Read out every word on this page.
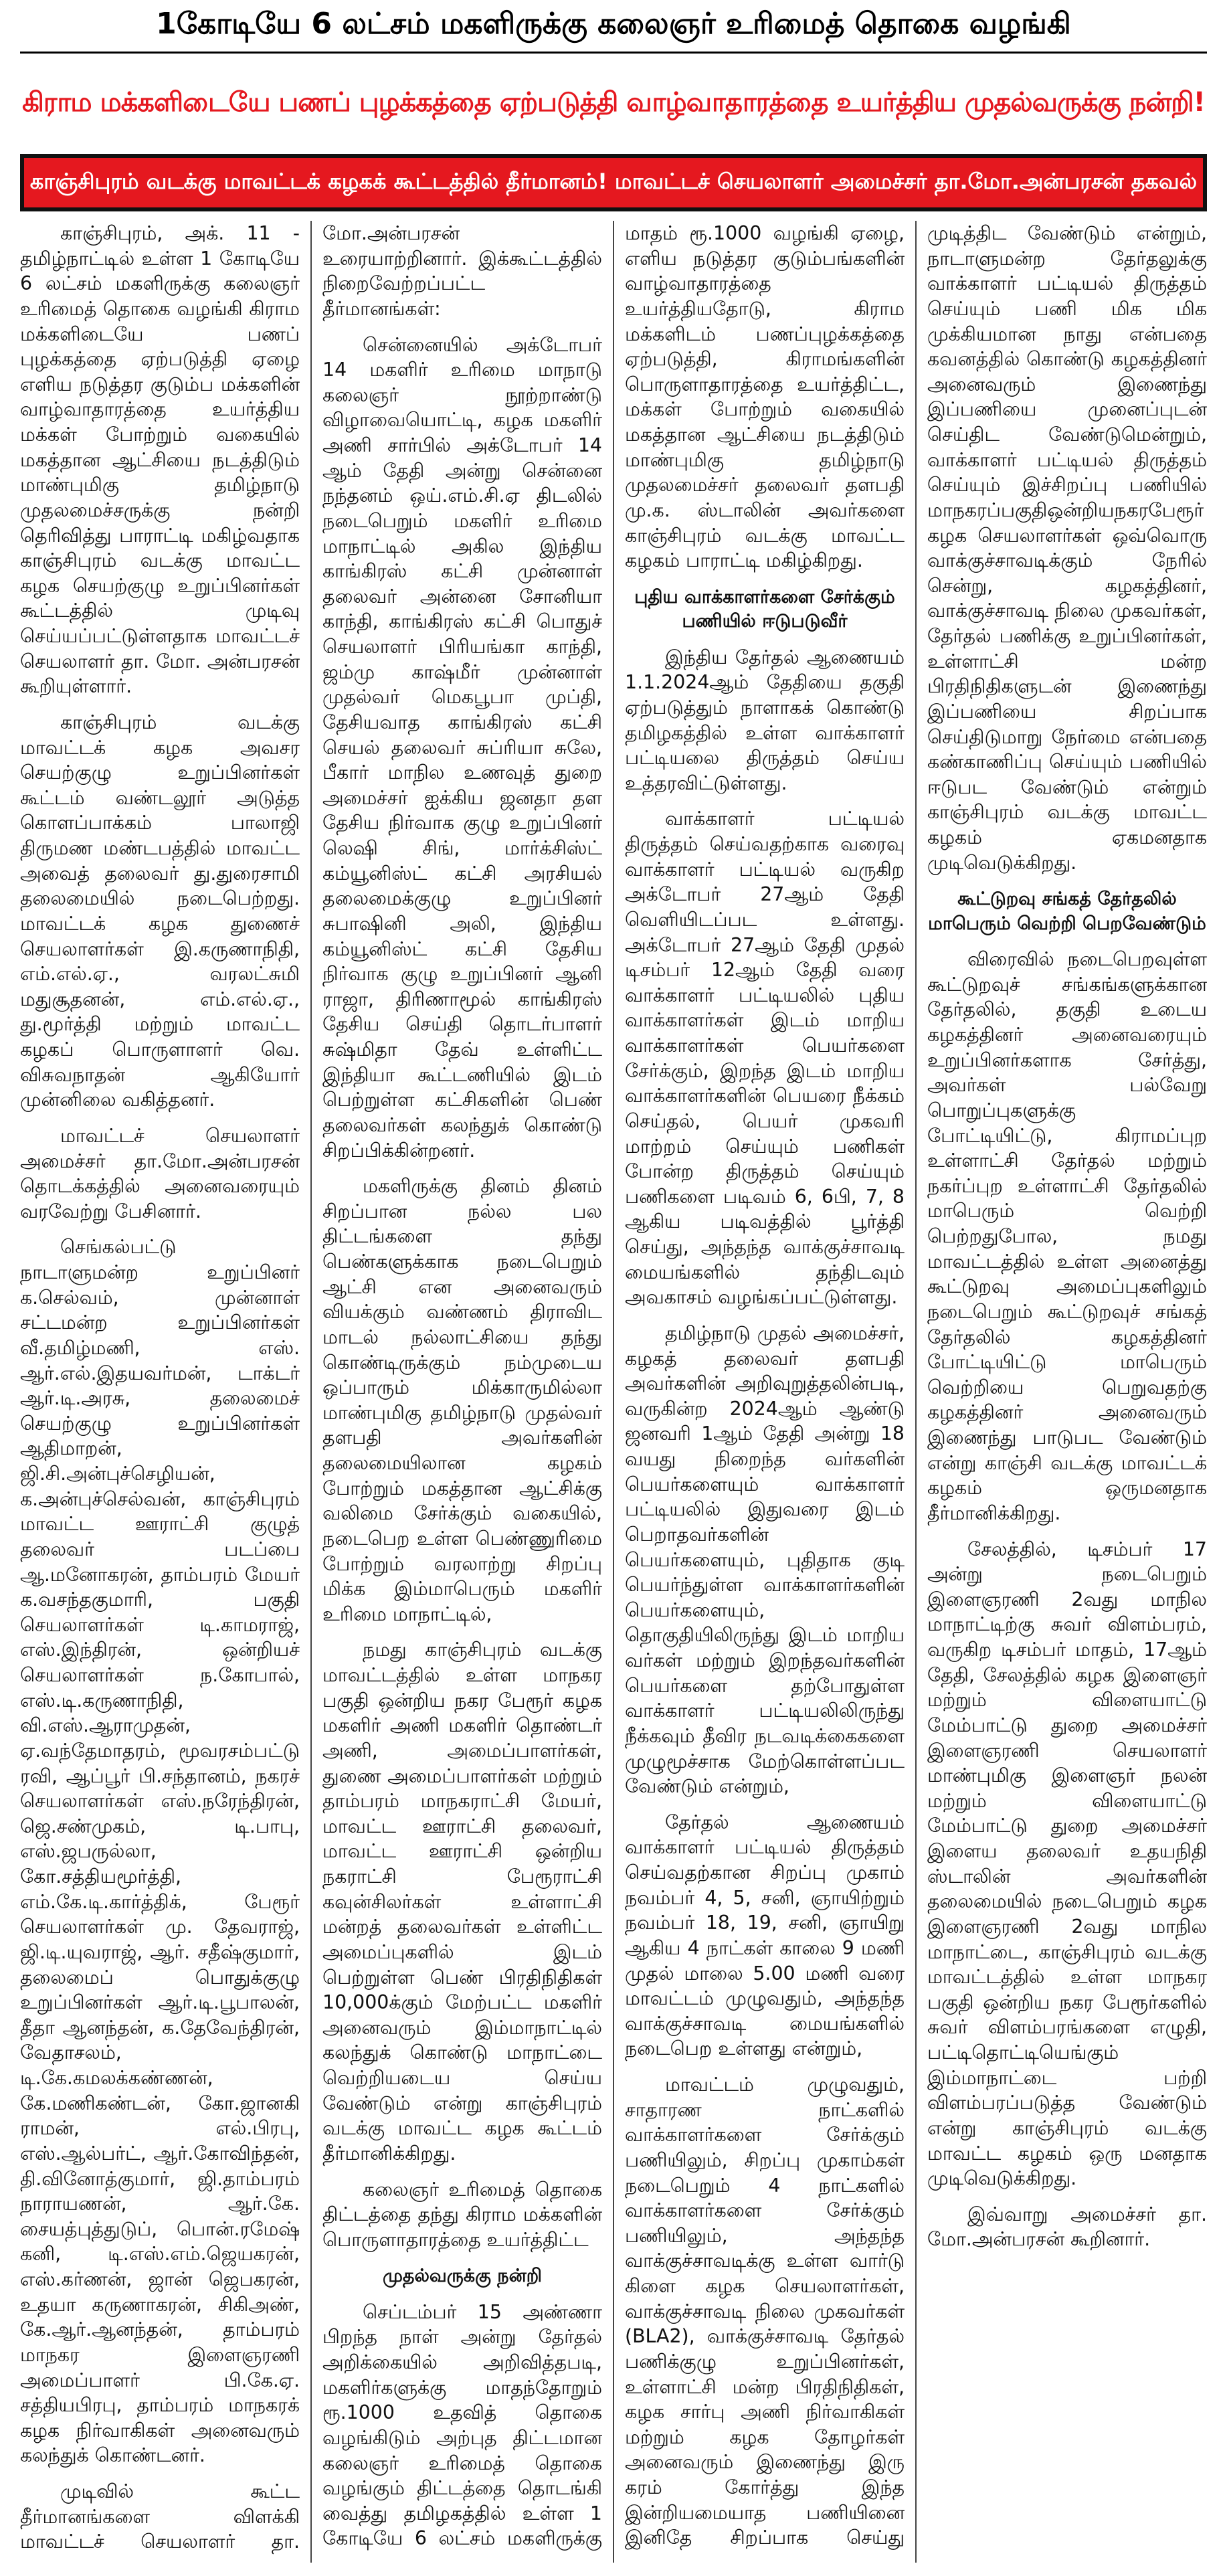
1கோடியே 6 லட்சம் மகளிருக்கு கலைஞர் உரிமைத் தொகை வழங்கி
கிராம மக்களிடையே பணப் புழக்கத்தை ஏற்படுத்தி வாழ்வாதாரத்தை உயர்த்திய முதல்வருக்கு நன்றி!
காஞ்சிபுரம் வடக்கு மாவட்டக் கழகக் கூட்டத்தில் தீர்மானம்! மாவட்டச் செயலாளர் அமைச்சர் தா.மோ.அன்பரசன் தகவல்

காஞ்சிபுரம், அக். 11 - தமிழ்நாட்டில் உள்ள 1 கோடியே 6 லட்சம் மகளிருக்கு கலைஞர் உரிமைத் தொகை வழங்கி கிராம மக்களிடையே பணப் புழக்கத்தை ஏற்படுத்தி ஏழை எளிய நடுத்தர குடும்ப மக்களின் வாழ்வாதாரத்தை உயர்த்திய மக்கள் போற்றும் வகையில் மகத்தான ஆட்சியை நடத்திடும் மாண்புமிகு தமிழ்நாடு முதலமைச்சருக்கு நன்றி தெரிவித்து பாராட்டி மகிழ்வதாக காஞ்சிபுரம் வடக்கு மாவட்ட கழக செயற்குழு உறுப்பினர்கள் கூட்டத்தில் முடிவு செய்யப்பட்டுள்ளதாக மாவட்டச் செயலாளர் தா. மோ. அன்பரசன் கூறியுள்ளார்.

காஞ்சிபுரம் வடக்கு மாவட்டக் கழக அவசர செயற்குழு உறுப்பினர்கள் கூட்டம் வண்டலூர் அடுத்த கொளப்பாக்கம் பாலாஜி திருமண மண்டபத்தில் மாவட்ட அவைத் தலைவர் து.துரைசாமி தலைமையில் நடைபெற்றது. மாவட்டக் கழக துணைச் செயலாளர்கள் இ.கருணாநிதி, எம்.எல்.ஏ., வரலட்சுமி மதுசூதனன், எம்.எல்.ஏ., து.மூர்த்தி மற்றும் மாவட்ட கழகப் பொருளாளர் வெ. விசுவநாதன் ஆகியோர் முன்னிலை வகித்தனர்.

மாவட்டச் செயலாளர் அமைச்சர் தா.மோ.அன்பரசன் தொடக்கத்தில் அனைவரையும் வரவேற்று பேசினார்.

செங்கல்பட்டு நாடாளுமன்ற உறுப்பினர் க.செல்வம், முன்னாள் சட்டமன்ற உறுப்பினர்கள் வீ.தமிழ்மணி, எஸ். ஆர்.எல்.இதயவர்மன், டாக்டர் ஆர்.டி.அரசு, தலைமைச் செயற்குழு உறுப்பினர்கள் ஆதிமாறன், ஜி.சி.அன்புச்செழியன், க.அன்புச்செல்வன், காஞ்சிபுரம் மாவட்ட ஊராட்சி குழுத் தலைவர் படப்பை ஆ.மனோகரன், தாம்பரம் மேயர் க.வசந்தகுமாரி, பகுதி செயலாளர்கள் டி.காமராஜ், எஸ்.இந்திரன், ஒன்றியச் செயலாளர்கள் ந.கோபால், எஸ்.டி.கருணாநிதி, வி.எஸ்.ஆராமுதன், ஏ.வந்தேமாதரம், மூவரசம்பட்டு ரவி, ஆப்பூர் பி.சந்தானம், நகரச் செயலாளர்கள் எஸ்.நரேந்திரன், ஜெ.சண்முகம், டி.பாபு, எஸ்.ஜபருல்லா, கோ.சத்தியமூர்த்தி, எம்.கே.டி.கார்த்திக், பேரூர் செயலாளர்கள் மு. தேவராஜ், ஜி.டி.யுவராஜ், ஆர். சதீஷ்குமார், தலைமைப் பொதுக்குழு உறுப்பினர்கள் ஆர்.டி.பூபாலன், தீதா ஆனந்தன், க.தேவேந்திரன், வேதாசலம், டி.கே.கமலக்கண்ணன், கே.மணிகண்டன், கோ.ஜானகி ராமன், எல்.பிரபு, எஸ்.ஆல்பர்ட், ஆர்.கோவிந்தன், தி.வினோத்குமார், ஜி.தாம்பரம் நாராயணன், ஆர்.கே. சையத்புத்துடுப், பொன்.ரமேஷ் கனி, டி.எஸ்.எம்.ஜெயகரன், எஸ்.கர்ணன், ஜான் ஜெபகரன், உதயா கருணாகரன், சிகிஅண், கே.ஆர்.ஆனந்தன், தாம்பரம் மாநகர இளைஞரணி அமைப்பாளர் பி.கே.ஏ. சத்தியபிரபு, தாம்பரம் மாநகரக் கழக நிர்வாகிகள் அனைவரும் கலந்துக் கொண்டனர்.

முடிவில் கூட்ட தீர்மானங்களை விளக்கி மாவட்டச் செயலாளர் தா. மோ.அன்பரசன் உரையாற்றினார். இக்கூட்டத்தில் நிறைவேற்றப்பட்ட தீர்மானங்கள்:

சென்னையில் அக்டோபர் 14 மகளிர் உரிமை மாநாடு கலைஞர் நூற்றாண்டு விழாவையொட்டி, கழக மகளிர் அணி சார்பில் அக்டோபர் 14 ஆம் தேதி அன்று சென்னை நந்தனம் ஒய்.எம்.சி.ஏ திடலில் நடைபெறும் மகளிர் உரிமை மாநாட்டில் அகில இந்திய காங்கிரஸ் கட்சி முன்னாள் தலைவர் அன்னை சோனியா காந்தி, காங்கிரஸ் கட்சி பொதுச் செயலாளர் பிரியங்கா காந்தி, ஜம்மு காஷ்மீர் முன்னாள் முதல்வர் மெகபூபா முப்தி, தேசியவாத காங்கிரஸ் கட்சி செயல் தலைவர் சுப்ரியா சுலே, பீகார் மாநில உணவுத் துறை அமைச்சர் ஐக்கிய ஜனதா தள தேசிய நிர்வாக குழு உறுப்பினர் லெஷி சிங், மார்க்சிஸ்ட் கம்யூனிஸ்ட் கட்சி அரசியல் தலைமைக்குழு உறுப்பினர் சுபாஷினி அலி, இந்திய கம்யூனிஸ்ட் கட்சி தேசிய நிர்வாக குழு உறுப்பினர் ஆனி ராஜா, திரிணாமூல் காங்கிரஸ் தேசிய செய்தி தொடர்பாளர் சுஷ்மிதா தேவ் உள்ளிட்ட இந்தியா கூட்டணியில் இடம் பெற்றுள்ள கட்சிகளின் பெண் தலைவர்கள் கலந்துக் கொண்டு சிறப்பிக்கின்றனர்.

மகளிருக்கு தினம் தினம் சிறப்பான நல்ல பல திட்டங்களை தந்து பெண்களுக்காக நடைபெறும் ஆட்சி என அனைவரும் வியக்கும் வண்ணம் திராவிட மாடல் நல்லாட்சியை தந்து கொண்டிருக்கும் நம்முடைய ஒப்பாரும் மிக்காருமில்லா மாண்புமிகு தமிழ்நாடு முதல்வர் தளபதி அவர்களின் தலைமையிலான கழகம் போற்றும் மகத்தான ஆட்சிக்கு வலிமை சேர்க்கும் வகையில், நடைபெற உள்ள பெண்ணுரிமை போற்றும் வரலாற்று சிறப்பு மிக்க இம்மாபெரும் மகளிர் உரிமை மாநாட்டில்,

நமது காஞ்சிபுரம் வடக்கு மாவட்டத்தில் உள்ள மாநகர பகுதி ஒன்றிய நகர பேரூர் கழக மகளிர் அணி மகளிர் தொண்டர் அணி, அமைப்பாளர்கள், துணை அமைப்பாளர்கள் மற்றும் தாம்பரம் மாநகராட்சி மேயர், மாவட்ட ஊராட்சி தலைவர், மாவட்ட ஊராட்சி ஒன்றிய நகராட்சி பேரூராட்சி கவுன்சிலர்கள் உள்ளாட்சி மன்றத் தலைவர்கள் உள்ளிட்ட அமைப்புகளில் இடம் பெற்றுள்ள பெண் பிரதிநிதிகள் 10,000க்கும் மேற்பட்ட மகளிர் அனைவரும் இம்மாநாட்டில் கலந்துக் கொண்டு மாநாட்டை வெற்றியடைய செய்ய வேண்டும் என்று காஞ்சிபுரம் வடக்கு மாவட்ட கழக கூட்டம் தீர்மானிக்கிறது.

கலைஞர் உரிமைத் தொகை திட்டத்தை தந்து கிராம மக்களின் பொருளாதாரத்தை உயர்த்திட்ட

முதல்வருக்கு நன்றி

செப்டம்பர் 15 அண்ணா பிறந்த நாள் அன்று தேர்தல் அறிக்கையில் அறிவித்தபடி, மகளிர்களுக்கு மாதந்தோறும் ரூ.1000 உதவித் தொகை வழங்கிடும் அற்புத திட்டமான கலைஞர் உரிமைத் தொகை வழங்கும் திட்டத்தை தொடங்கி வைத்து தமிழகத்தில் உள்ள 1 கோடியே 6 லட்சம் மகளிருக்கு மாதம் ரூ.1000 வழங்கி ஏழை, எளிய நடுத்தர குடும்பங்களின் வாழ்வாதாரத்தை உயர்த்தியதோடு, கிராம மக்களிடம் பணப்புழக்கத்தை ஏற்படுத்தி, கிராமங்களின் பொருளாதாரத்தை உயர்த்திட்ட, மக்கள் போற்றும் வகையில் மகத்தான ஆட்சியை நடத்திடும் மாண்புமிகு தமிழ்நாடு முதலமைச்சர் தலைவர் தளபதி மு.க. ஸ்டாலின் அவர்களை காஞ்சிபுரம் வடக்கு மாவட்ட கழகம் பாராட்டி மகிழ்கிறது.

புதிய வாக்காளர்களை சேர்க்கும்
பணியில் ஈடுபடுவீர்

இந்திய தேர்தல் ஆணையம் 1.1.2024ஆம் தேதியை தகுதி ஏற்படுத்தும் நாளாகக் கொண்டு தமிழகத்தில் உள்ள வாக்காளர் பட்டியலை திருத்தம் செய்ய உத்தரவிட்டுள்ளது.

வாக்காளர் பட்டியல் திருத்தம் செய்வதற்காக வரைவு வாக்காளர் பட்டியல் வருகிற அக்டோபர் 27ஆம் தேதி வெளியிடப்பட உள்ளது. அக்டோபர் 27ஆம் தேதி முதல் டிசம்பர் 12ஆம் தேதி வரை வாக்காளர் பட்டியலில் புதிய வாக்காளர்கள் இடம் மாறிய வாக்காளர்கள் பெயர்களை சேர்க்கும், இறந்த இடம் மாறிய வாக்காளர்களின் பெயரை நீக்கம் செய்தல், பெயர் முகவரி மாற்றம் செய்யும் பணிகள் போன்ற திருத்தம் செய்யும் பணிகளை படிவம் 6, 6பி, 7, 8 ஆகிய படிவத்தில் பூர்த்தி செய்து, அந்தந்த வாக்குச்சாவடி மையங்களில் தந்திடவும் அவகாசம் வழங்கப்பட்டுள்ளது.

தமிழ்நாடு முதல் அமைச்சர், கழகத் தலைவர் தளபதி அவர்களின் அறிவுறுத்தலின்படி, வருகின்ற 2024ஆம் ஆண்டு ஜனவரி 1ஆம் தேதி அன்று 18 வயது நிறைந்த வர்களின் பெயர்களையும் வாக்காளர் பட்டியலில் இதுவரை இடம் பெறாதவர்களின் பெயர்களையும், புதிதாக குடி பெயர்ந்துள்ள வாக்காளர்களின் பெயர்களையும், தொகுதியிலிருந்து இடம் மாறிய வர்கள் மற்றும் இறந்தவர்களின் பெயர்களை தற்போதுள்ள வாக்காளர் பட்டியலிலிருந்து நீக்கவும் தீவிர நடவடிக்கைகளை முழுமூச்சாக மேற்கொள்ளப்பட வேண்டும் என்றும்,

தேர்தல் ஆணையம் வாக்காளர் பட்டியல் திருத்தம் செய்வதற்கான சிறப்பு முகாம் நவம்பர் 4, 5, சனி, ஞாயிற்றும் நவம்பர் 18, 19, சனி, ஞாயிறு ஆகிய 4 நாட்கள் காலை 9 மணி முதல் மாலை 5.00 மணி வரை மாவட்டம் முழுவதும், அந்தந்த வாக்குச்சாவடி மையங்களில் நடைபெற உள்ளது என்றும்,

மாவட்டம் முழுவதும், சாதாரண நாட்களில் வாக்காளர்களை சேர்க்கும் பணியிலும், சிறப்பு முகாம்கள் நடைபெறும் 4 நாட்களில் வாக்காளர்களை சேர்க்கும் பணியிலும், அந்தந்த வாக்குச்சாவடிக்கு உள்ள வார்டு கிளை கழக செயலாளர்கள், வாக்குச்சாவடி நிலை முகவர்கள் (BLA2), வாக்குச்சாவடி தேர்தல் பணிக்குழு உறுப்பினர்கள், உள்ளாட்சி மன்ற பிரதிநிதிகள், கழக சார்பு அணி நிர்வாகிகள் மற்றும் கழக தோழர்கள் அனைவரும் இணைந்து இரு கரம் கோர்த்து இந்த இன்றியமையாத பணியினை இனிதே சிறப்பாக செய்து முடித்திட வேண்டும் என்றும், நாடாளுமன்ற தேர்தலுக்கு வாக்காளர் பட்டியல் திருத்தம் செய்யும் பணி மிக மிக முக்கியமான நாது என்பதை கவனத்தில் கொண்டு கழகத்தினர் அனைவரும் இணைந்து இப்பணியை முனைப்புடன் செய்திட வேண்டுமென்றும், வாக்காளர் பட்டியல் திருத்தம் செய்யும் இச்சிறப்பு பணியில் மாநகரப்பகுதிஒன்றியநகரபேரூர் கழக செயலாளர்கள் ஒவ்வொரு வாக்குச்சாவடிக்கும் நேரில் சென்று, கழகத்தினர், வாக்குச்சாவடி நிலை முகவர்கள், தேர்தல் பணிக்கு உறுப்பினர்கள், உள்ளாட்சி மன்ற பிரதிநிதிகளுடன் இணைந்து இப்பணியை சிறப்பாக செய்திடுமாறு நேர்மை என்பதை கண்காணிப்பு செய்யும் பணியில் ஈடுபட வேண்டும் என்றும் காஞ்சிபுரம் வடக்கு மாவட்ட கழகம் ஏகமனதாக முடிவெடுக்கிறது.

கூட்டுறவு சங்கத் தேர்தலில்
மாபெரும் வெற்றி பெறவேண்டும்

விரைவில் நடைபெறவுள்ள கூட்டுறவுச் சங்கங்களுக்கான தேர்தலில், தகுதி உடைய கழகத்தினர் அனைவரையும் உறுப்பினர்களாக சேர்த்து, அவர்கள் பல்வேறு பொறுப்புகளுக்கு போட்டியிட்டு, கிராமப்புற உள்ளாட்சி தேர்தல் மற்றும் நகர்ப்புற உள்ளாட்சி தேர்தலில் மாபெரும் வெற்றி பெற்றதுபோல, நமது மாவட்டத்தில் உள்ள அனைத்து கூட்டுறவு அமைப்புகளிலும் நடைபெறும் கூட்டுறவுச் சங்கத் தேர்தலில் கழகத்தினர் போட்டியிட்டு மாபெரும் வெற்றியை பெறுவதற்கு கழகத்தினர் அனைவரும் இணைந்து பாடுபட வேண்டும் என்று காஞ்சி வடக்கு மாவட்டக் கழகம் ஒருமனதாக தீர்மானிக்கிறது.

சேலத்தில், டிசம்பர் 17 அன்று நடைபெறும் இளைஞரணி 2வது மாநில மாநாட்டிற்கு சுவர் விளம்பரம், வருகிற டிசம்பர் மாதம், 17ஆம் தேதி, சேலத்தில் கழக இளைஞர் மற்றும் விளையாட்டு மேம்பாட்டு துறை அமைச்சர் இளைஞரணி செயலாளர் மாண்புமிகு இளைஞர் நலன் மற்றும் விளையாட்டு மேம்பாட்டு துறை அமைச்சர் இளைய தலைவர் உதயநிதி ஸ்டாலின் அவர்களின் தலைமையில் நடைபெறும் கழக இளைஞரணி 2வது மாநில மாநாட்டை, காஞ்சிபுரம் வடக்கு மாவட்டத்தில் உள்ள மாநகர பகுதி ஒன்றிய நகர பேரூர்களில் சுவர் விளம்பரங்களை எழுதி, பட்டிதொட்டியெங்கும் இம்மாநாட்டை பற்றி விளம்பரப்படுத்த வேண்டும் என்று காஞ்சிபுரம் வடக்கு மாவட்ட கழகம் ஒரு மனதாக முடிவெடுக்கிறது.

இவ்வாறு அமைச்சர் தா. மோ.அன்பரசன் கூறினார்.
